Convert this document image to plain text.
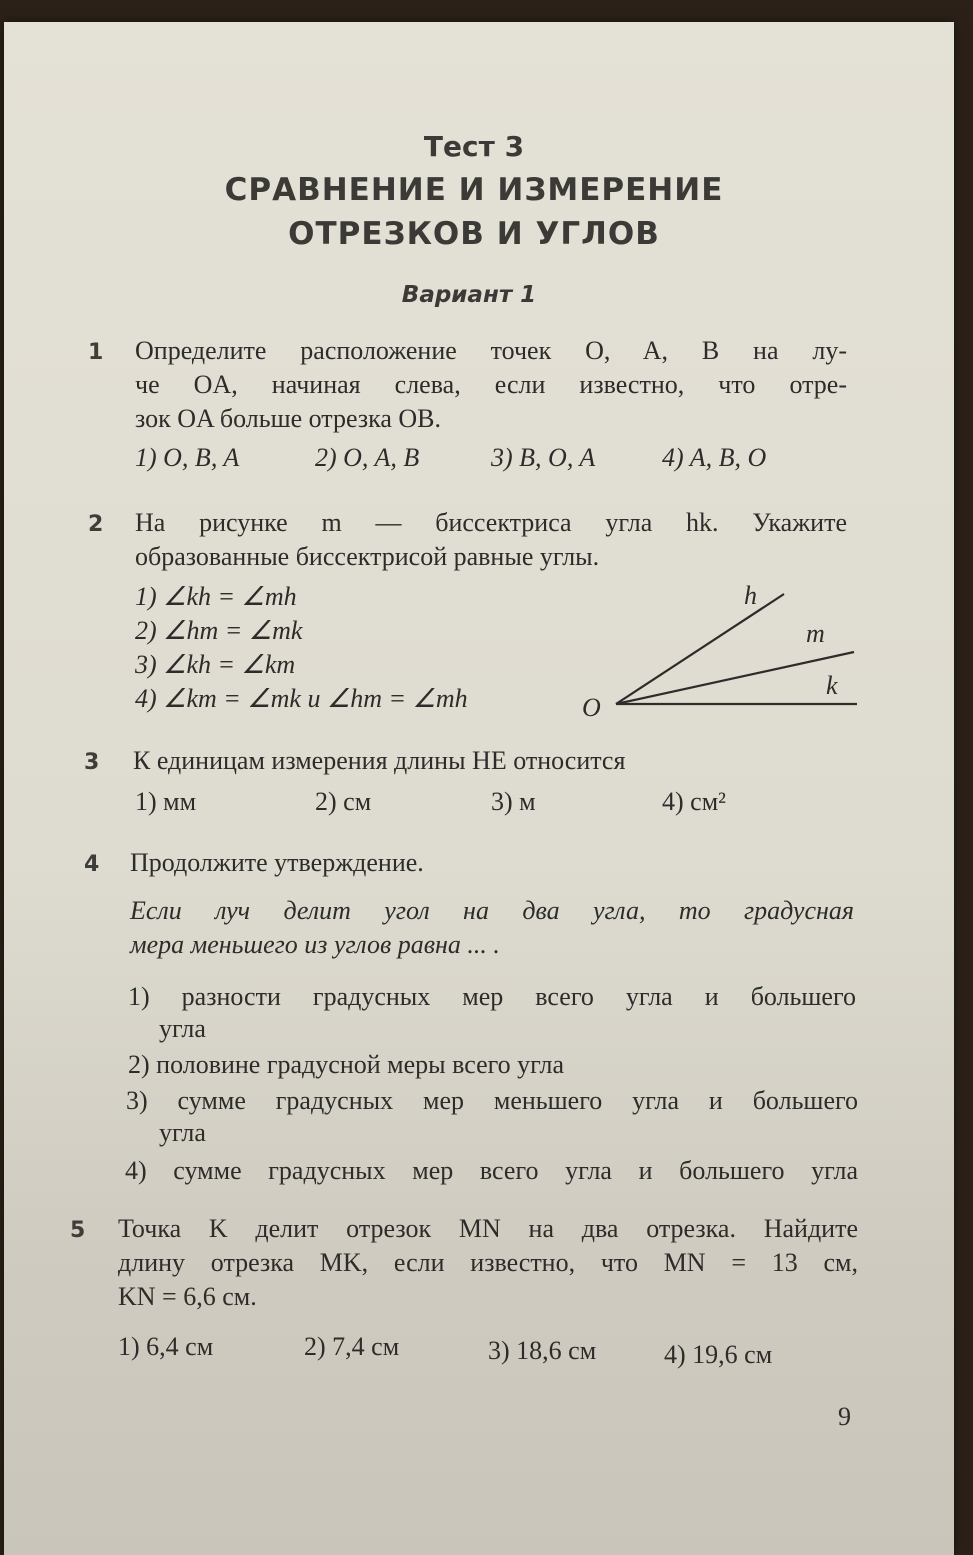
Тест 3
СРАВНЕНИЕ И ИЗМЕРЕНИЕ
ОТРЕЗКОВ И УГЛОВ
Вариант 1
1 Определите расположение точек O, A, B на лу-
че OA, начиная слева, если известно, что отре-
зок OA больше отрезка OB.
1) O, B, A	2) O, A, B	3) B, O, A	4) A, B, O
2 На рисунке m — биссектриса угла hk. Укажите
образованные биссектрисой равные углы.
1) ∠kh = ∠mh
2) ∠hm = ∠mk
3) ∠kh = ∠km
4) ∠km = ∠mk и ∠hm = ∠mh	O
h
m
k
3 К единицам измерения длины НЕ относится
1) мм	2) см	3) м	4) см²
4 Продолжите утверждение.
Если луч делит угол на два угла, то градусная
мера меньшего из углов равна ... .
1) разности градусных мер всего угла и большего
угла
2) половине градусной меры всего угла
3) сумме градусных мер меньшего угла и большего
угла
4) сумме градусных мер всего угла и большего угла
5 Точка K делит отрезок MN на два отрезка. Найдите
длину отрезка MK, если известно, что MN = 13 см,
KN = 6,6 см.
1) 6,4 см	2) 7,4 см	3) 18,6 см	4) 19,6 см
9
